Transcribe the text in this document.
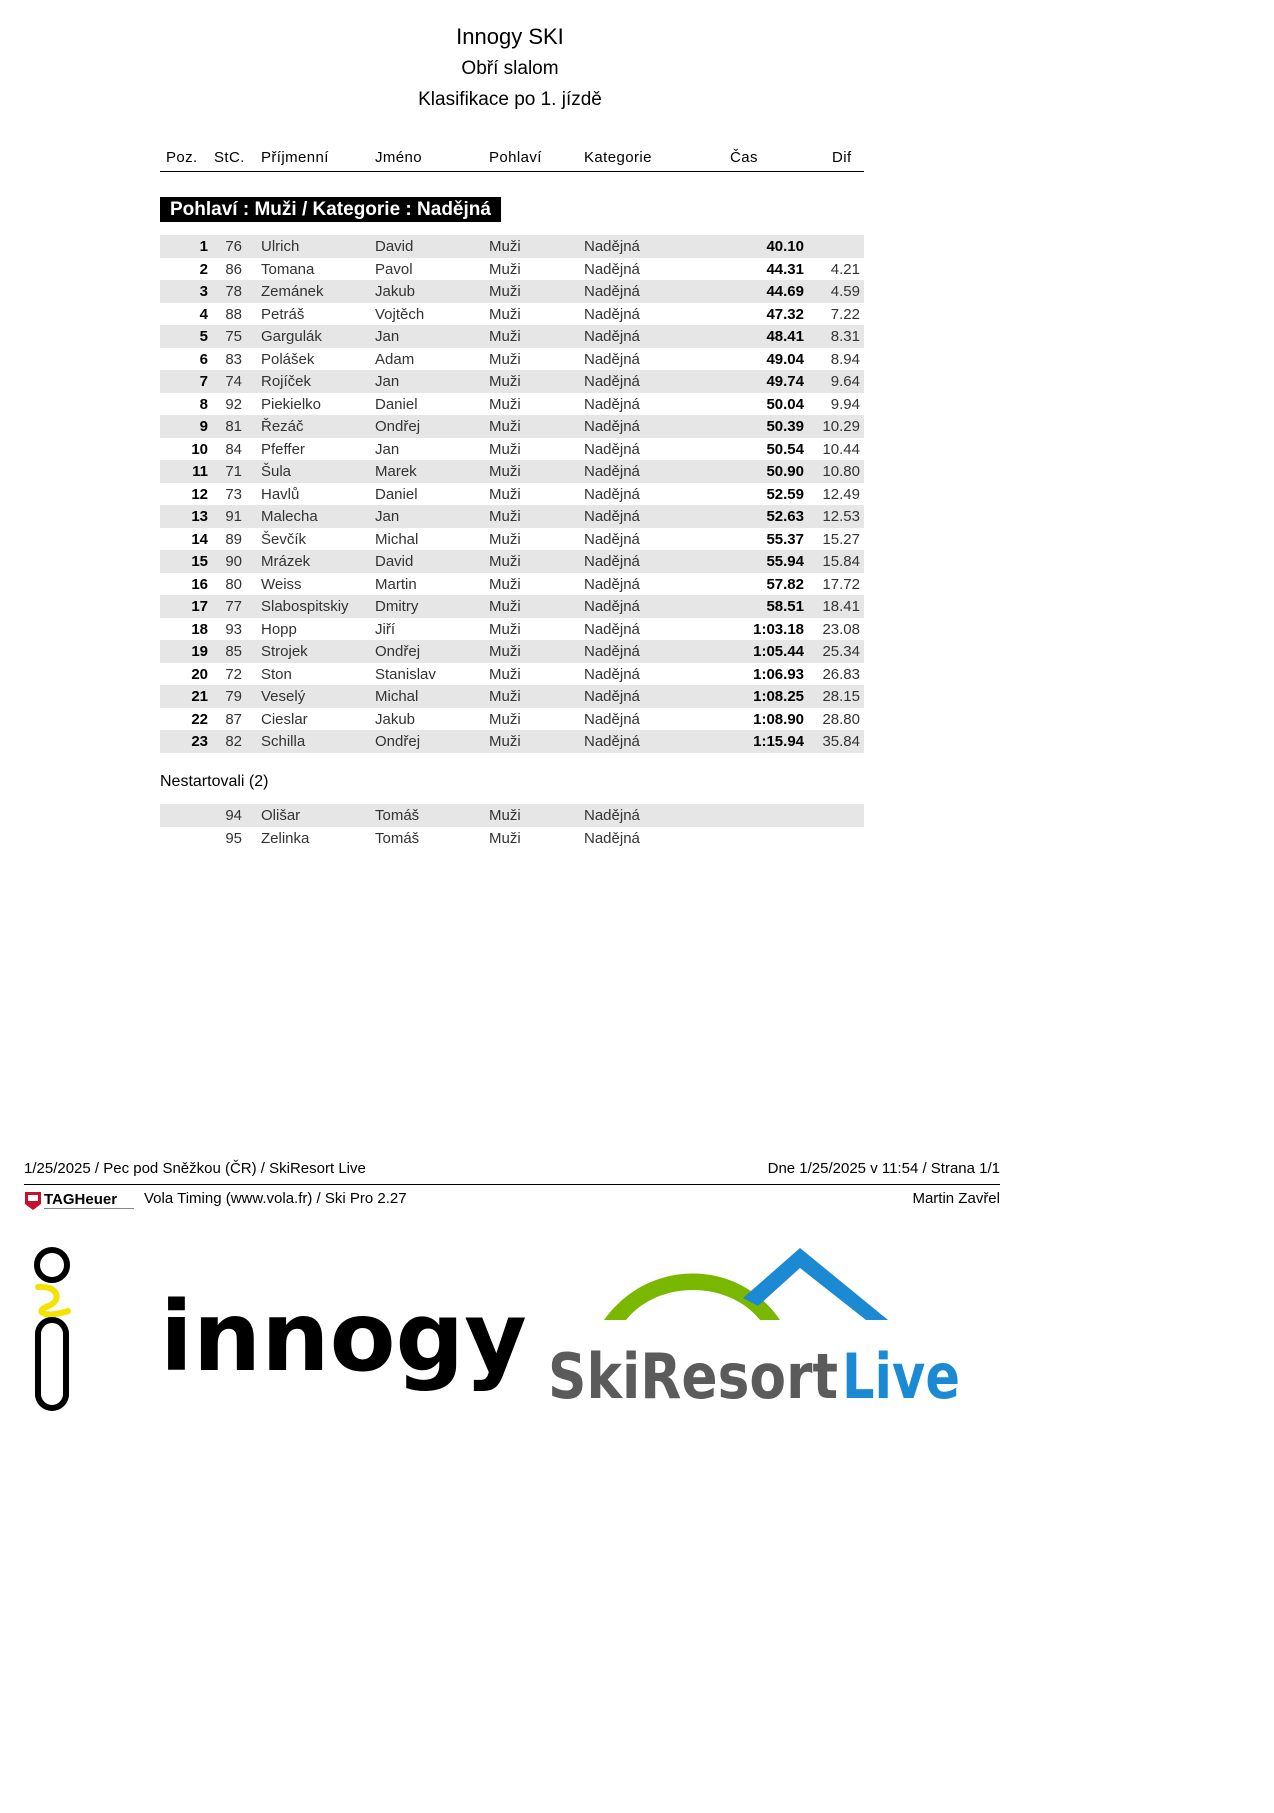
Innogy SKI
Obří slalom
Klasifikace po 1. jízdě
Poz. StC. Příjmenní	Jméno	Pohlaví	Kategorie	Čas	Dif
Pohlaví : Muži / Kategorie : Nadějná
1	76 Ulrich	David	Muži	Nadějná	40.10
2	86 Tomana	Pavol	Muži	Nadějná	44.31	4.21
3	78 Zemánek	Jakub	Muži	Nadějná	44.69	4.59
4	88 Petráš	Vojtěch	Muži	Nadějná	47.32	7.22
5	75 Gargulák	Jan	Muži	Nadějná	48.41	8.31
6	83 Polášek	Adam	Muži	Nadějná	49.04	8.94
7	74 Rojíček	Jan	Muži	Nadějná	49.74	9.64
8	92 Piekielko	Daniel	Muži	Nadějná	50.04	9.94
9	81 Řezáč	Ondřej	Muži	Nadějná	50.39	10.29
10	84 Pfeffer	Jan	Muži	Nadějná	50.54	10.44
11	71 Šula	Marek	Muži	Nadějná	50.90	10.80
12	73 Havlů	Daniel	Muži	Nadějná	52.59	12.49
13	91 Malecha	Jan	Muži	Nadějná	52.63	12.53
14	89 Ševčík	Michal	Muži	Nadějná	55.37	15.27
15	90 Mrázek	David	Muži	Nadějná	55.94	15.84
16	80 Weiss	Martin	Muži	Nadějná	57.82	17.72
17	77 Slabospitskiy Dmitry	Muži	Nadějná	58.51	18.41
18	93 Hopp	Jiří	Muži	Nadějná	1:03.18	23.08
19	85 Strojek	Ondřej	Muži	Nadějná	1:05.44	25.34
20	72 Ston	Stanislav	Muži	Nadějná	1:06.93	26.83
21	79 Veselý	Michal	Muži	Nadějná	1:08.25	28.15
22	87 Cieslar	Jakub	Muži	Nadějná	1:08.90	28.80
23	82 Schilla	Ondřej	Muži	Nadějná	1:15.94	35.84
Nestartovali (2)
94 Olišar	Tomáš	Muži	Nadějná
95 Zelinka	Tomáš	Muži	Nadějná
1/25/2025 / Pec pod Sněžkou (ČR) / SkiResort Live	Dne 1/25/2025 v 11:54 / Strana 1/1
TAGHeuer Vola Timing (www.vola.fr) / Ski Pro 2.27	Martin Zavřel
innogy SkiResort Live
